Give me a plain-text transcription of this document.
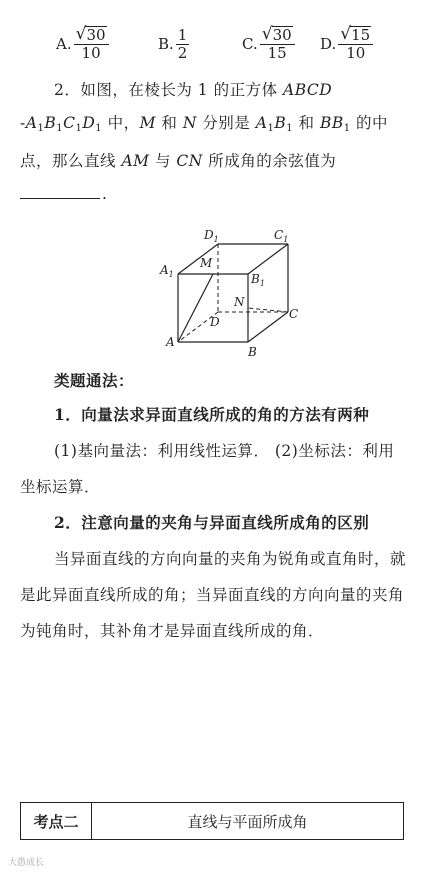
A. $\frac{√ 30}{10}$	B. $\frac{1}{2}$	C. $\frac{√ 30}{15} D$. $\frac{√ 15}{10}$
2．如图，在棱长为 1 的正方体 ABCD
$-A_1B_1C_1D_1$ 中，M 和 N 分别是 $A_1B_1$ 和 $BB_1$ 的中
点，那么直线 AM 与 CN 所成角的余弦值为
.
$D_1$	$C_1$
$A_1$	$B_1$
M
N
D
C
A
B
类题通法：
1．向量法求异面直线所成的角的方法有两种
(1)基向量法：利用线性运算． (2)坐标法：利用坐标运算．
2．注意向量的夹角与异面直线所成角的区别
当异面直线的方向向量的夹角为锐角或直角时，就是此异面直线所成的角；当异面直线的方向向量的夹角为钝角时，其补角才是异面直线所成的角．
考点二	直线与平面所成角
大愚成长
